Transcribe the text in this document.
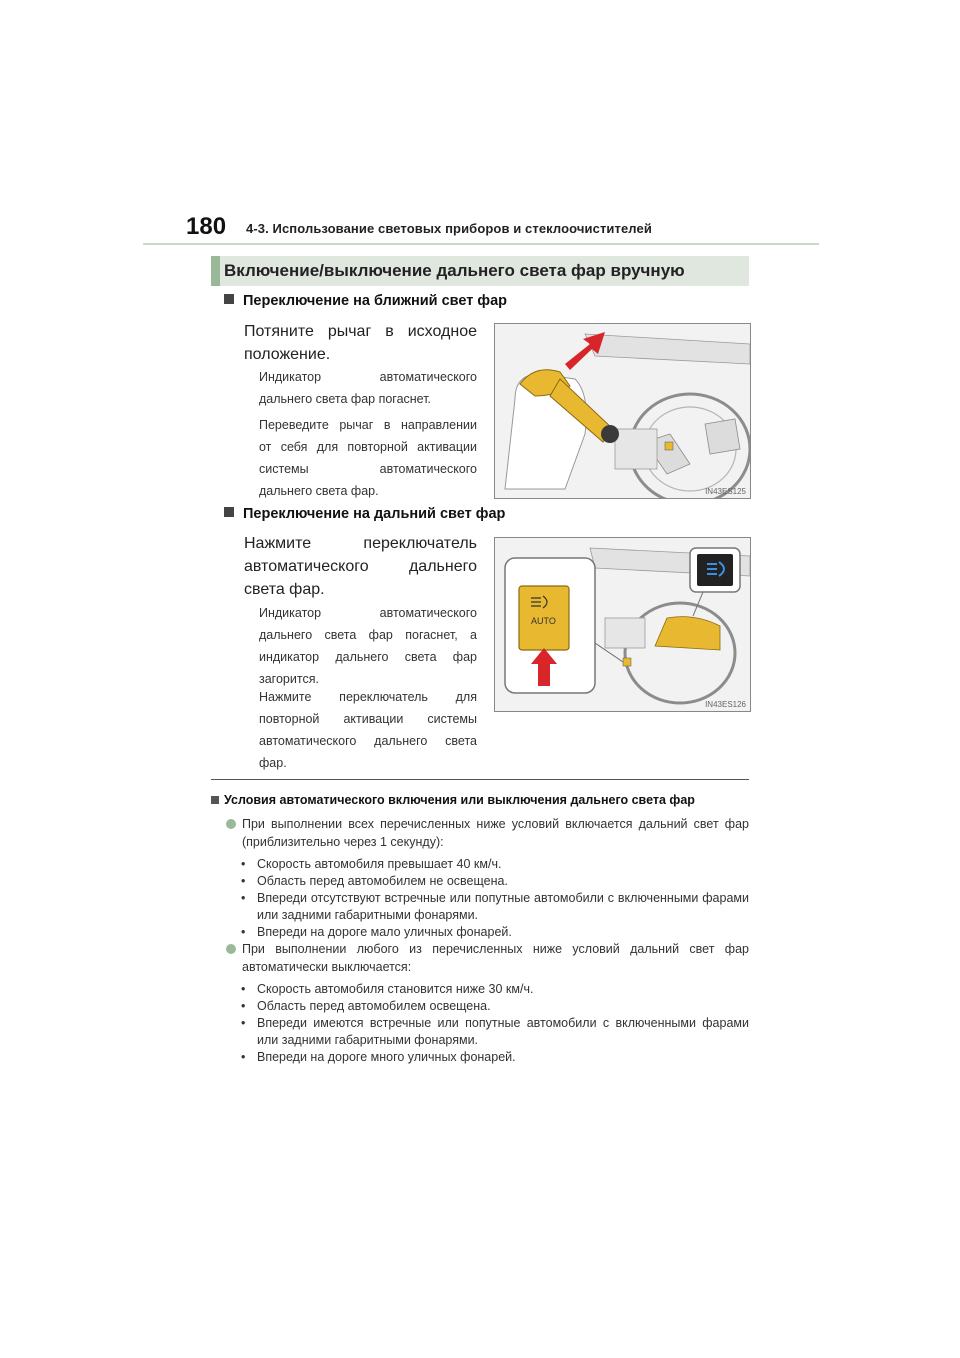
180 4-3. Использование световых приборов и стеклоочистителей
Включение/выключение дальнего света фар вручную
Переключение на ближний свет фар
Потяните рычаг в исходное
положение.
Индикатор автоматического
дальнего света фар погаснет.
Переведите рычаг в направлении
от себя для повторной активации
системы автоматического
дальнего света фар.	IN43ES125
Переключение на дальний свет фар
Нажмите переключатель
автоматического дальнего
света фар.
Индикатор автоматического
дальнего света фар погаснет, а
индикатор дальнего света фар
загорится.
Нажмите переключатель для
повторной активации системы
автоматического дальнего света
фар.
AUTO
IN43ES126
Условия автоматического включения или выключения дальнего света фар
При выполнении всех перечисленных ниже условий включается дальний свет фар (приблизительно через 1 секунду):
• Скорость автомобиля превышает 40 км/ч.
• Область перед автомобилем не освещена.
• Впереди отсутствуют встречные или попутные автомобили с включенными фарами или задними габаритными фонарями.
• Впереди на дороге мало уличных фонарей.
При выполнении любого из перечисленных ниже условий дальний свет фар автоматически выключается:
• Скорость автомобиля становится ниже 30 км/ч.
• Область перед автомобилем освещена.
• Впереди имеются встречные или попутные автомобили с включенными фарами или задними габаритными фонарями.
• Впереди на дороге много уличных фонарей.
